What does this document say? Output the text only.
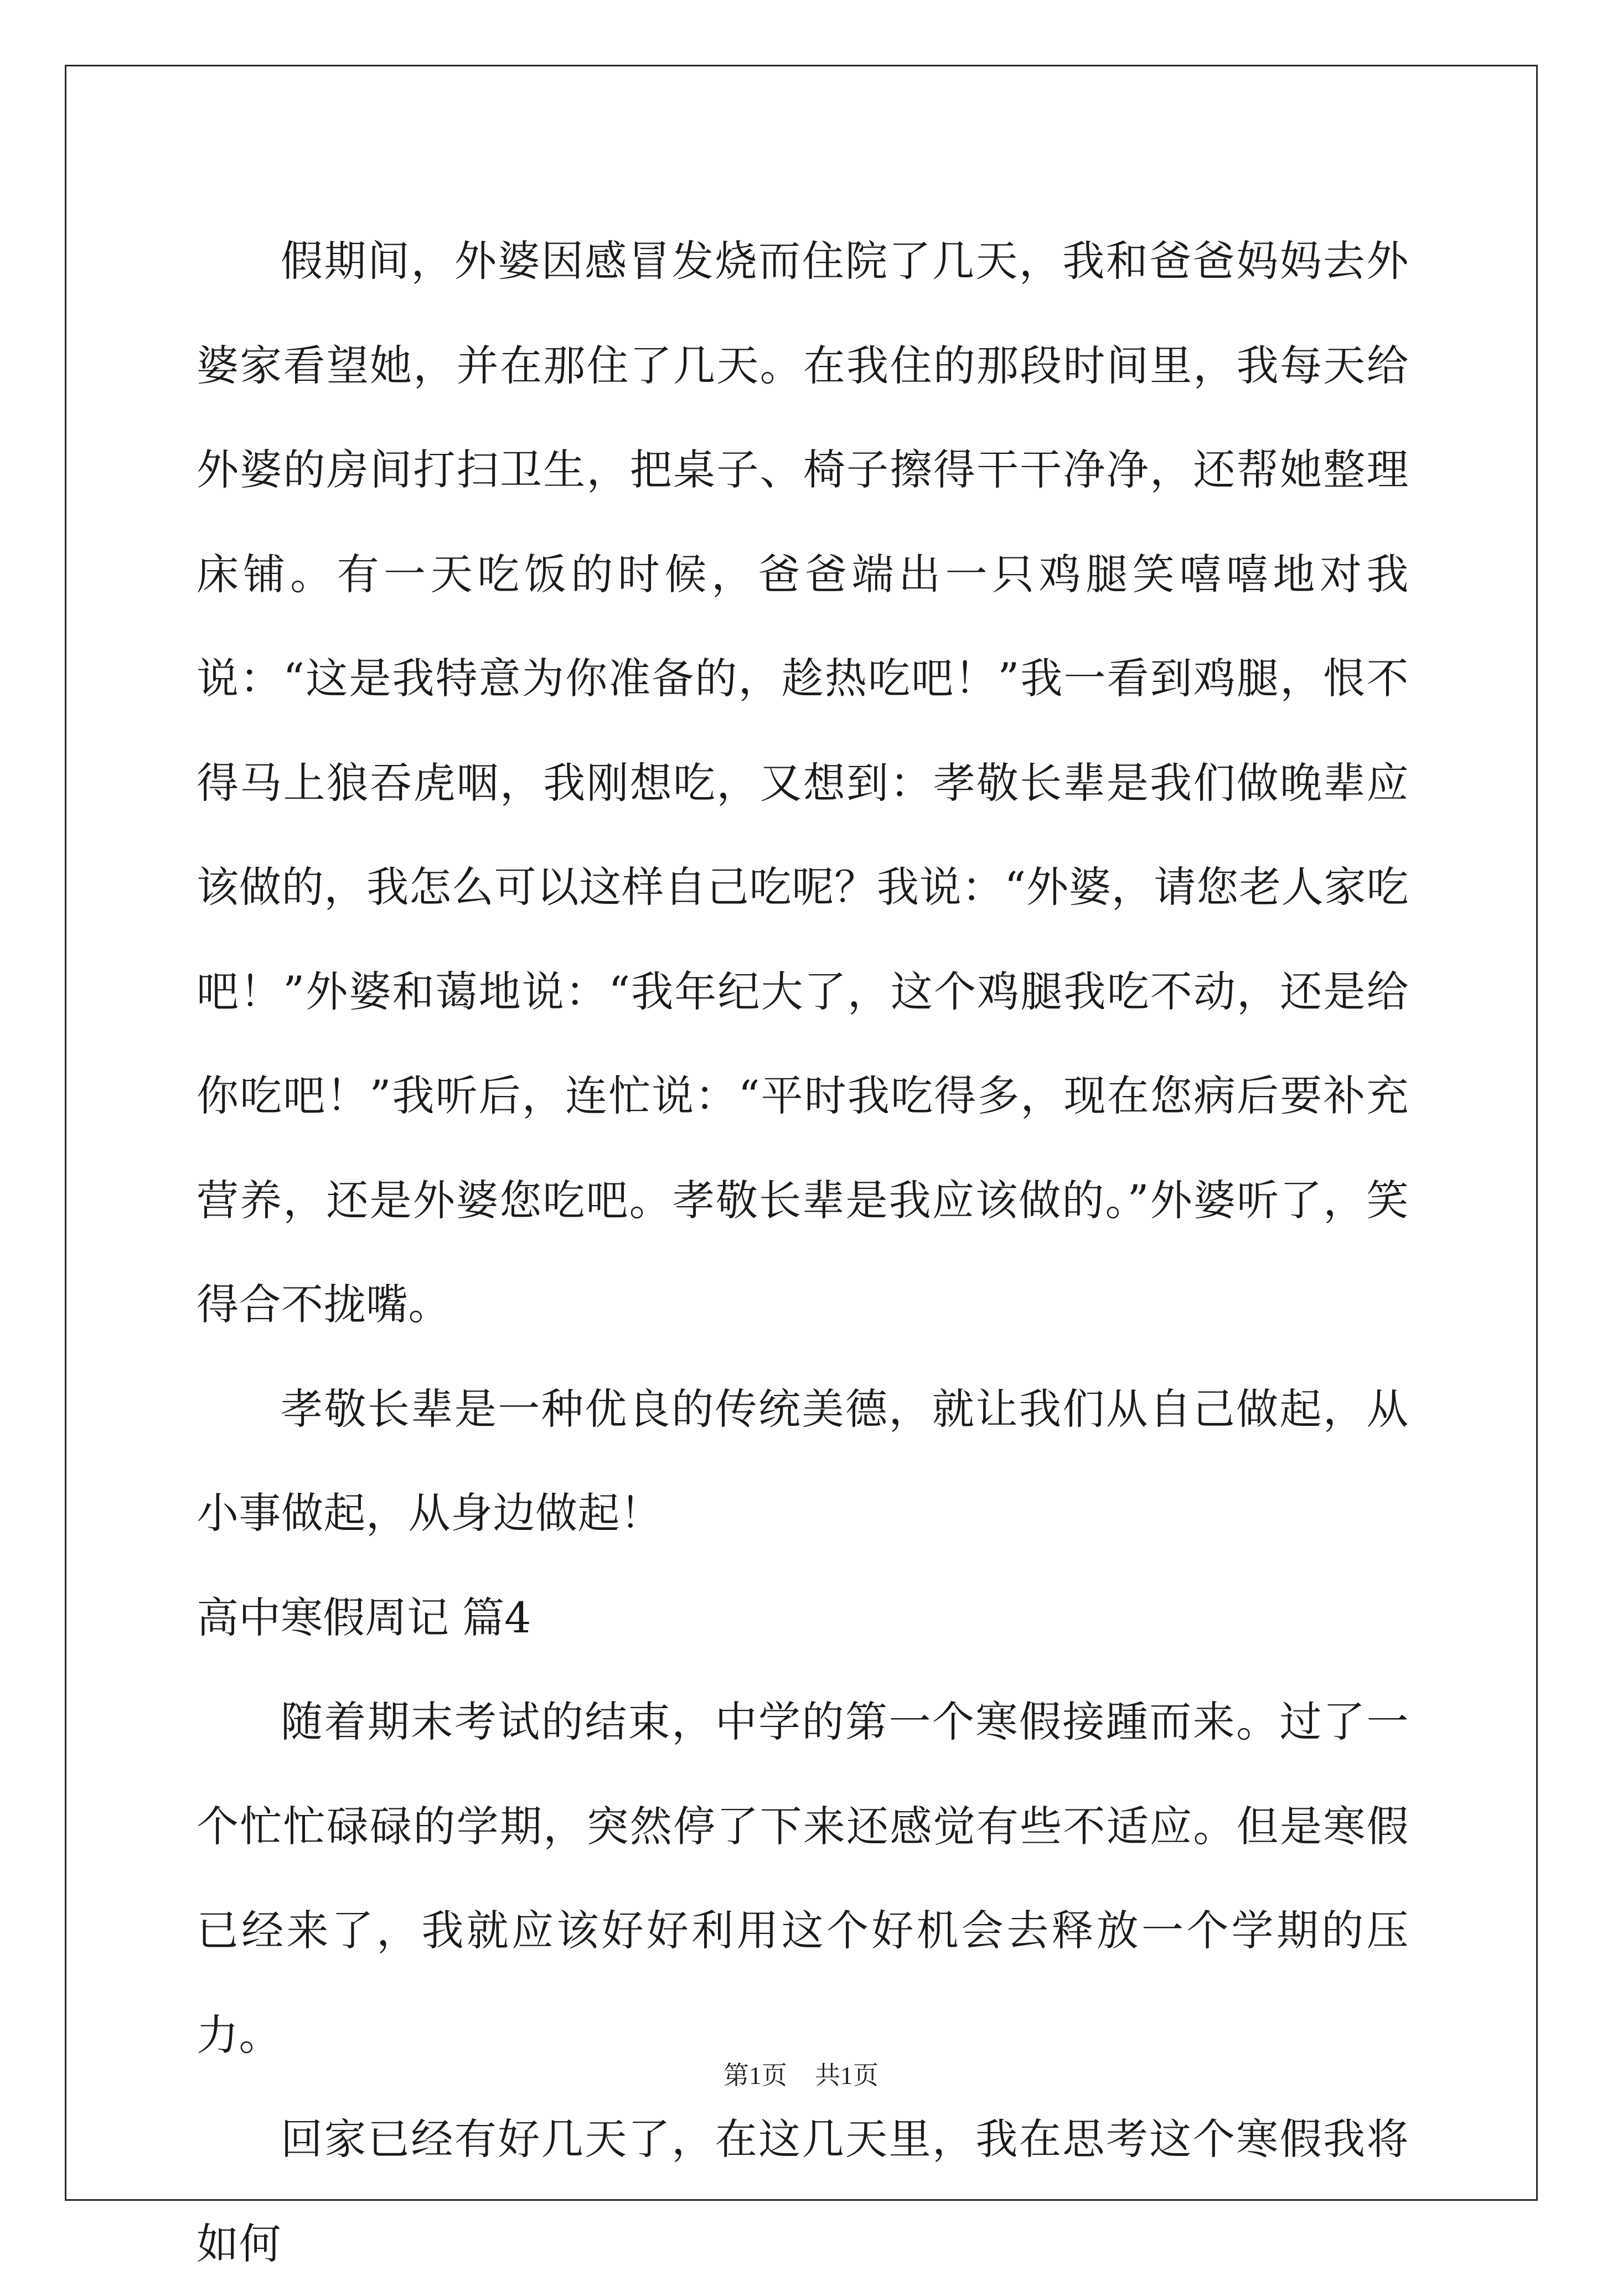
假期间，外婆因感冒发烧而住院了几天，我和爸爸妈妈去外婆家看望她，并在那住了几天。在我住的那段时间里，我每天给外婆的房间打扫卫生，把桌子、椅子擦得干干净净，还帮她整理床铺。有一天吃饭的时候，爸爸端出一只鸡腿笑嘻嘻地对我说：“这是我特意为你准备的，趁热吃吧！”我一看到鸡腿，恨不得马上狼吞虎咽，我刚想吃，又想到：孝敬长辈是我们做晚辈应该做的，我怎么可以这样自己吃呢？我说：“外婆，请您老人家吃吧！”外婆和蔼地说：“我年纪大了，这个鸡腿我吃不动，还是给你吃吧！”我听后，连忙说：“平时我吃得多，现在您病后要补充营养，还是外婆您吃吧。孝敬长辈是我应该做的。”外婆听了，笑得合不拢嘴。

孝敬长辈是一种优良的传统美德，就让我们从自己做起，从小事做起，从身边做起！

高中寒假周记 篇4

随着期末考试的结束，中学的第一个寒假接踵而来。过了一个忙忙碌碌的学期，突然停了下来还感觉有些不适应。但是寒假已经来了，我就应该好好利用这个好机会去释放一个学期的压力。

回家已经有好几天了，在这几天里，我在思考这个寒假我将如何

第1页 共1页
